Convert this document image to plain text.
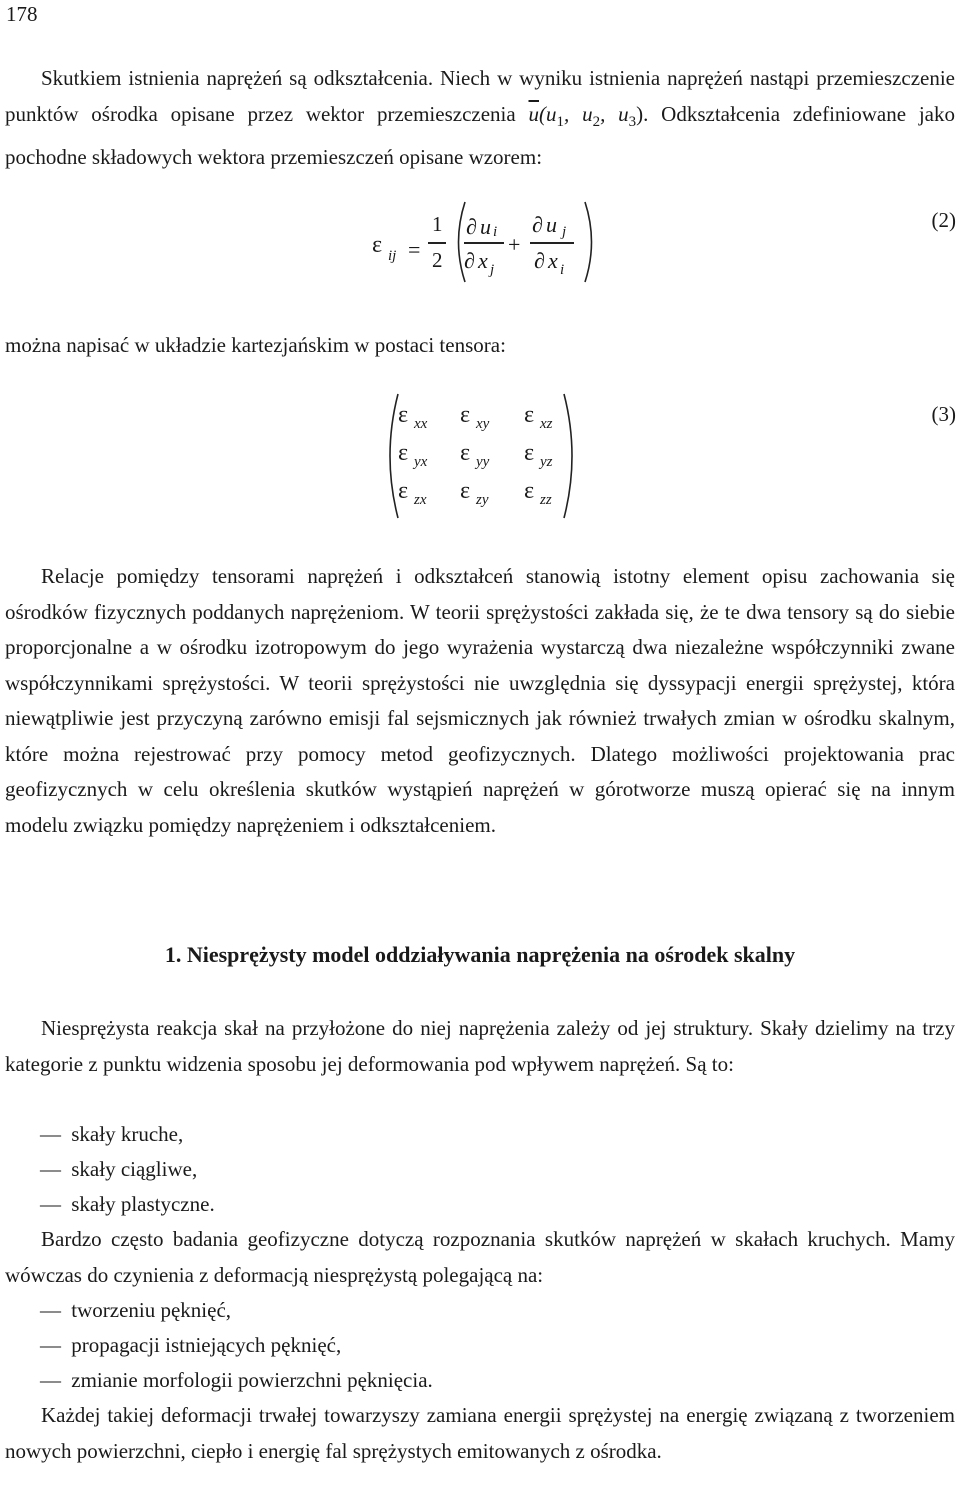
178

Skutkiem istnienia naprężeń są odkształcenia. Niech w wyniku istnienia naprężeń nastąpi przemieszczenie punktów ośrodka opisane przez wektor przemieszczenia $\overline{u}(u_1$, $u_2$, $u_3$). Odkształcenia zdefiniowane jako pochodne składowych wektora przemieszczeń opisane wzorem:

ε ij =
1
2
∂ u i
∂ x j
+
∂ u j
∂ x i
(2)

można napisać w układzie kartezjańskim w postaci tensora:

ε xx ε xy ε xz
ε yx ε yy ε yz
ε zx ε zy ε zz
(3)

Relacje pomiędzy tensorami naprężeń i odkształceń stanowią istotny element opisu zachowania się ośrodków fizycznych poddanych naprężeniom. W teorii sprężystości zakłada się, że te dwa tensory są do siebie proporcjonalne a w ośrodku izotropowym do jego wyrażenia wystarczą dwa niezależne współczynniki zwane współczynnikami sprężystości. W teorii sprężystości nie uwzględnia się dyssypacji energii sprężystej, która niewątpliwie jest przyczyną zarówno emisji fal sejsmicznych jak również trwałych zmian w ośrodku skalnym, które można rejestrować przy pomocy metod geofizycznych. Dlatego możliwości projektowania prac geofizycznych w celu określenia skutków wystąpień naprężeń w górotworze muszą opierać się na innym modelu związku pomiędzy naprężeniem i odkształceniem.

1. Niesprężysty model oddziaływania naprężenia na ośrodek skalny

Niesprężysta reakcja skał na przyłożone do niej naprężenia zależy od jej struktury. Skały dzielimy na trzy kategorie z punktu widzenia sposobu jej deformowania pod wpływem naprężeń. Są to:

— skały kruche,
— skały ciągliwe,
— skały plastyczne.

Bardzo często badania geofizyczne dotyczą rozpoznania skutków naprężeń w skałach kruchych. Mamy wówczas do czynienia z deformacją niesprężystą polegającą na:

— tworzeniu pęknięć,
— propagacji istniejących pęknięć,
— zmianie morfologii powierzchni pęknięcia.

Każdej takiej deformacji trwałej towarzyszy zamiana energii sprężystej na energię związaną z tworzeniem nowych powierzchni, ciepło i energię fal sprężystych emitowanych z ośrodka.
